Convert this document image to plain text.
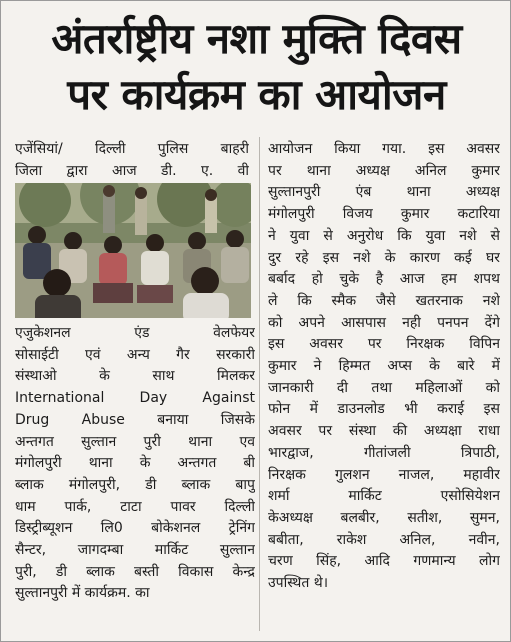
अंतर्राष्ट्रीय नशा मुक्ति दिवस
पर कार्यक्रम का आयोजन
एजेंसियां/ दिल्ली पुलिस बाहरी
जिला द्वारा आज डी. ए. वी
एजुकेशनल एंड वेलफेयर
सोसाईटी एवं अन्य गैर सरकारी
संस्थाओ के साथ मिलकर
International Day Against
Drug Abuse बनाया जिसके
अन्तगत सुल्तान पुरी थाना एव
मंगोलपुरी थाना के अन्तगत बी
ब्लाक मंगोलपुरी, डी ब्लाक बापु
धाम पार्क, टाटा पावर दिल्ली
डिस्ट्रीब्यूशन लि0 बोकेशनल ट्रेनिंग
सैन्टर, जागदम्बा मार्किट सुल्तान
पुरी, डी ब्लाक बस्ती विकास केन्द्र
सुल्तानपुरी में कार्यक्रम. का
आयोजन किया गया. इस अवसर
पर थाना अध्यक्ष अनिल कुमार
सुल्तानपुरी एंब थाना अध्यक्ष
मंगोलपुरी विजय कुमार कटारिया
ने युवा से अनुरोध कि युवा नशे से
दुर रहे इस नशे के कारण कई घर
बर्बाद हो चुके है आज हम शपथ
ले कि स्मैक जैसे खतरनाक नशे
को अपने आसपास नही पनपन देंगे
इस अवसर पर निरक्षक विपिन
कुमार ने हिम्मत अप्स के बारे में
जानकारी दी तथा महिलाओं को
फोन में डाउनलोड भी कराई इस
अवसर पर संस्था की अध्यक्षा राधा
भारद्वाज, गीतांजली त्रिपाठी,
निरक्षक गुलशन नाजल, महावीर
शर्मा मार्किट एसोसियेशन
केअध्यक्ष बलबीर, सतीश, सुमन,
बबीता, राकेश अनिल, नवीन,
चरण सिंह, आदि गणमान्य लोग
उपस्थित थे।
